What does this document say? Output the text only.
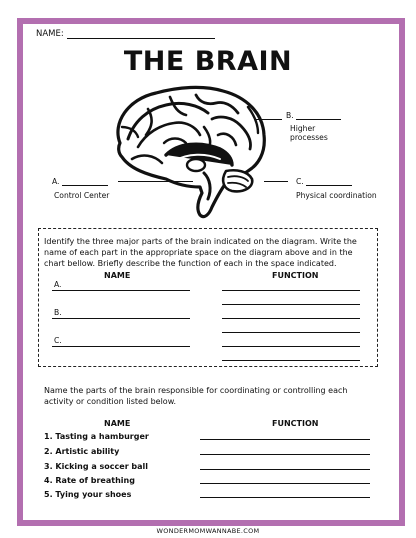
NAME:
THE BRAIN
B.
Higher
processes
A.
Control Center
C.
Physical coordination
Identify the three major parts of the brain indicated on the diagram. Write the name of each part in the appropriate space on the diagram above and in the chart bellow. Briefly describe the function of each in the space indicated.
NAME	FUNCTION
A.
B.
C.
Name the parts of the brain responsible for coordinating or controlling each activity or condition listed below.
NAME	FUNCTION
1. Tasting a hamburger
2. Artistic ability
3. Kicking a soccer ball
4. Rate of breathing
5. Tying your shoes
WONDERMOMWANNABE.COM
